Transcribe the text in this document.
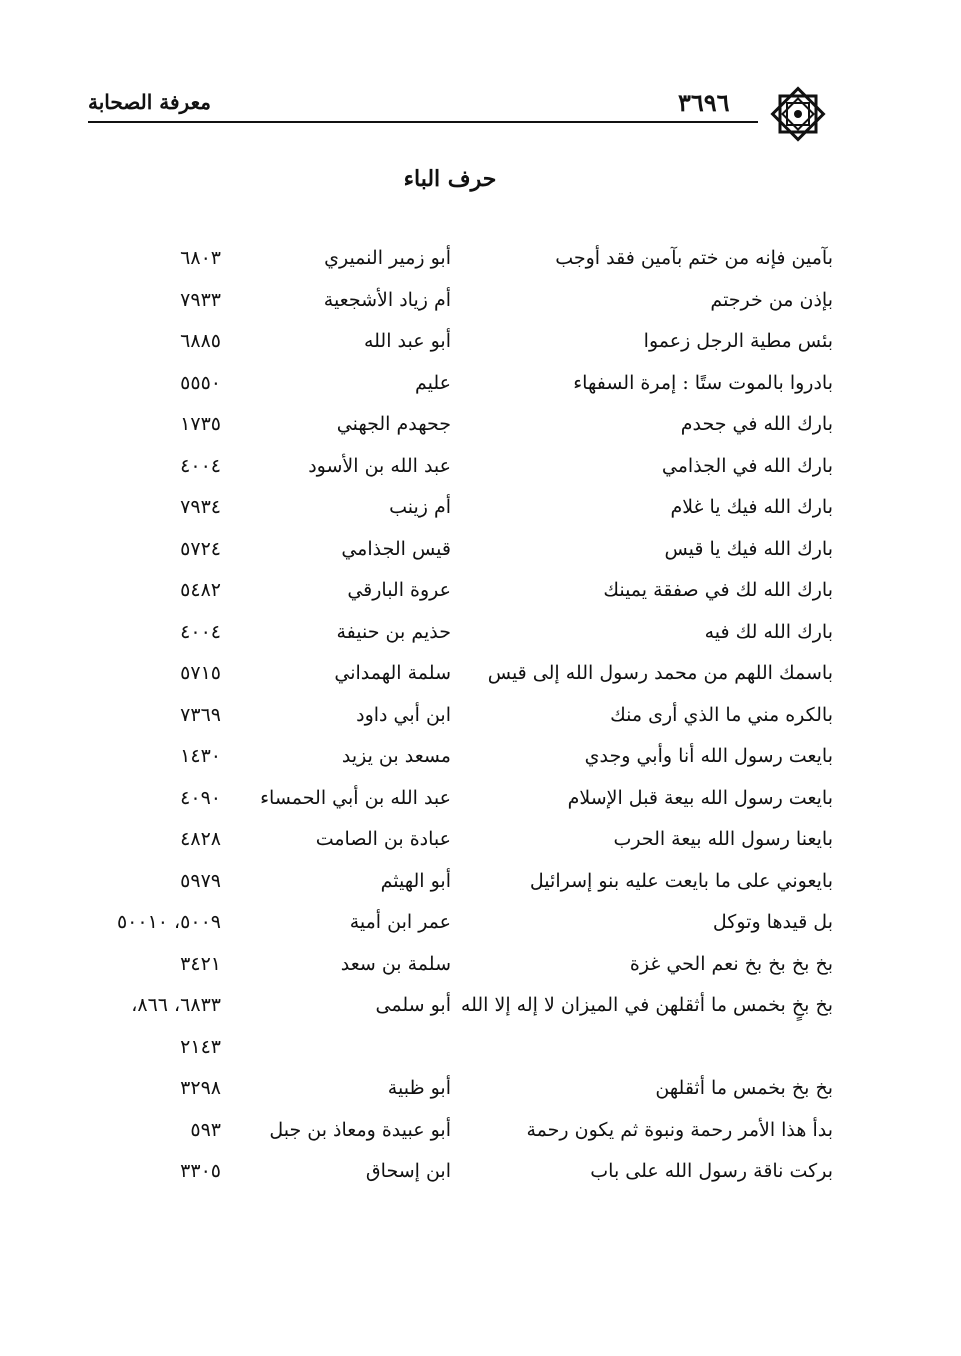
معرفة الصحابة	٣٦٩٦
حرف الباء
بآمين فإنه من ختم بآمين فقد أوجب
أبو زمير النميري
٦٨٠٣
بإذن من خرجتم
أم زياد الأشجعية
٧٩٣٣
بئس مطية الرجل زعموا
أبو عبد الله
٦٨٨٥
بادروا بالموت ستًا : إمرة السفهاء
عليم
٥٥٥٠
بارك الله في جحدم
جحهدم الجهني
١٧٣٥
بارك الله في الجذامي
عبد الله بن الأسود
٤٠٠٤
بارك الله فيك يا غلام
أم زينب
٧٩٣٤
بارك الله فيك يا قيس
قيس الجذامي
٥٧٢٤
بارك الله لك في صفقة يمينك
عروة البارقي
٥٤٨٢
بارك الله لك فيه
حذيم بن حنيفة
٤٠٠٤
باسمك اللهم من محمد رسول الله إلى قيس
سلمة الهمداني
٥٧١٥
بالكره مني ما الذي أرى منك
ابن أبي داود
٧٣٦٩
بايعت رسول الله أنا وأبي وجدي
مسعد بن يزيد
١٤٣٠
بايعت رسول الله بيعة قبل الإسلام
عبد الله بن أبي الحمساء
٤٠٩٠
بايعنا رسول الله بيعة الحرب
عبادة بن الصامت
٤٨٢٨
بايعوني على ما بايعت عليه بنو إسرائيل
أبو الهيثم
٥٩٧٩
بل قيدها وتوكل
عمر ابن أمية
٥٠٠٩، ٥٠٠١٠
بخ بخ بخ بخ نعم الحي غزة
سلمة بن سعد
٣٤٢١
بخ بخٍ بخمس ما أثقلهن في الميزان لا إله إلا الله
أبو سلمى
٦٨٣٣، ٨٦٦،
٢١٤٣
بخ بخ بخمس ما أثقلهن
أبو ظبية
٣٢٩٨
بدأ هذا الأمر رحمة ونبوة ثم يكون رحمة
أبو عبيدة ومعاذ بن جبل
٥٩٣
بركت ناقة رسول الله على باب
ابن إسحاق
٣٣٠٥
